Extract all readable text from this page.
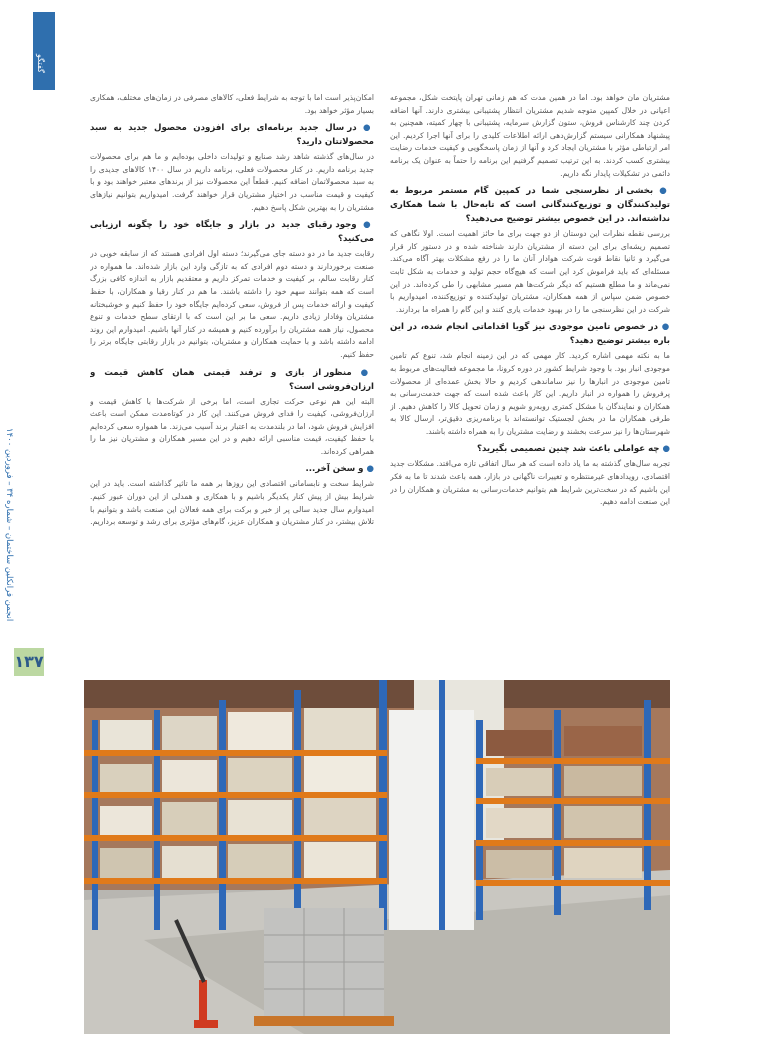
گفتگو
انجمن فرانکلین ساختمان – شماره ۳۴ – فروردین ۱۴۰۰
۱۳۷

مشتریان مان خواهد بود. اما در همین مدت که هم زمانی تهران پایتخت شکل، مجموعه اعیانی در خلال کمپین متوجه شدیم مشتریان انتظار پشتیبانی بیشتری دارند. آنها اضافه کردن چند کارشناس فروش، ستون گزارش سرمایه، پشتیبانی با چهار کمیته، همچنین به پیشنهاد همکارانی سیستم گزارش‌دهی ارائه اطلاعات کلیدی را برای آنها اجرا کردیم. این امر ارتباطی مؤثر با مشتریان ایجاد کرد و آنها از زمان پاسخگویی و کیفیت خدمات رضایت بیشتری کسب کردند. به این ترتیب تصمیم گرفتیم این برنامه را حتماً به عنوان یک برنامه دائمی در تشکیلات پایدار نگه داریم.

● بخشی از نظرسنجی شما در کمپین گام مستمر مربوط به تولیدکنندگان و توزیع‌کنندگانی است که تابه‌حال با شما همکاری نداشته‌اند. در این خصوص بیشتر توضیح می‌دهید؟

بررسی نقطه نظرات این دوستان از دو جهت برای ما حائز اهمیت است. اولا نگاهی که تصمیم ریشه‌ای برای این دسته از مشتریان دارند شناخته شده و در دستور کار قرار می‌گیرد و ثانیا نقاط قوت شرکت هوادار آنان ما را در رفع مشکلات بهتر آگاه می‌کند. مسئله‌ای که باید فراموش کرد این است که هیچ‌گاه حجم تولید و خدمات به شکل ثابت نمی‌ماند و ما مطلع هستیم که دیگر شرکت‌ها هم مسیر مشابهی را طی کرده‌اند. در این خصوص ضمن سپاس از همه همکاران، مشتریان تولیدکننده و توزیع‌کننده، امیدواریم با شرکت در این نظرسنجی ما را در بهبود خدمات یاری کنند و این گام را همراه ما بردارند.

● در خصوص تامین موجودی نیز گویا اقداماتی انجام شده، در این باره بیشتر توضیح دهید؟

ما به نکته مهمی اشاره کردید. کار مهمی که در این زمینه انجام شد، تنوع کم تامین موجودی انبار بود. با وجود شرایط کشور در دوره کرونا، ما مجموعه فعالیت‌های مربوط به تامین موجودی در انبارها را نیز ساماندهی کردیم و حالا بخش عمده‌ای از محصولات پرفروش را همواره در انبار داریم. این کار باعث شده است که جهت خدمت‌رسانی به همکاران و نمایندگان با مشکل کمتری روبه‌رو شویم و زمان تحویل کالا را کاهش دهیم. از طرفی همکاران ما در بخش لجستیک توانسته‌اند با برنامه‌ریزی دقیق‌تر، ارسال کالا به شهرستان‌ها را نیز سرعت بخشند و رضایت مشتریان را به همراه داشته باشند.

● چه عواملی باعث شد چنین تصمیمی بگیرید؟

تجربه سال‌های گذشته به ما یاد داده است که هر سال اتفاقی تازه می‌افتد. مشکلات جدید اقتصادی، رویدادهای غیرمنتظره و تغییرات ناگهانی در بازار، همه باعث شدند تا ما به فکر این باشیم که در سخت‌ترین شرایط هم بتوانیم خدمات‌رسانی به مشتریان و همکاران را در این صنعت ادامه دهیم.

امکان‌پذیر است اما با توجه به شرایط فعلی، کالاهای مصرفی در زمان‌های مختلف، همکاری بسیار مؤثر خواهد بود.

● در سال جدید برنامه‌ای برای افزودن محصول جدید به سبد محصولاتتان دارید؟

در سال‌های گذشته شاهد رشد صنایع و تولیدات داخلی بوده‌ایم و ما هم برای محصولات جدید برنامه داریم. در کنار محصولات فعلی، برنامه داریم در سال ۱۴۰۰ کالاهای جدیدی را به سبد محصولاتمان اضافه کنیم. قطعاً این محصولات نیز از برندهای معتبر خواهند بود و با کیفیت و قیمت مناسب در اختیار مشتریان قرار خواهند گرفت. امیدواریم بتوانیم نیازهای مشتریان را به بهترین شکل پاسخ دهیم.

● وجود رقبای جدید در بازار و جایگاه خود را چگونه ارزیابی می‌کنید؟

رقابت جدید ما در دو دسته جای می‌گیرند؛ دسته اول افرادی هستند که از سابقه خوبی در صنعت برخوردارند و دسته دوم افرادی که به تازگی وارد این بازار شده‌اند. ما همواره در کنار رقابت سالم، بر کیفیت و خدمات تمرکز داریم و معتقدیم بازار به اندازه کافی بزرگ است که همه بتوانند سهم خود را داشته باشند. ما هم در کنار رقبا و همکاران، با حفظ کیفیت و ارائه خدمات پس از فروش، سعی کرده‌ایم جایگاه خود را حفظ کنیم و خوشبختانه مشتریان وفادار زیادی داریم. سعی ما بر این است که با ارتقای سطح خدمات و تنوع محصول، نیاز همه مشتریان را برآورده کنیم و همیشه در کنار آنها باشیم. امیدوارم این روند ادامه داشته باشد و با حمایت همکاران و مشتریان، بتوانیم در بازار رقابتی جایگاه برتر را حفظ کنیم.

● منظور از بازی و ترفند قیمتی همان کاهش قیمت و ارزان‌فروشی است؟

البته این هم نوعی حرکت تجاری است، اما برخی از شرکت‌ها با کاهش قیمت و ارزان‌فروشی، کیفیت را فدای فروش می‌کنند. این کار در کوتاه‌مدت ممکن است باعث افزایش فروش شود، اما در بلندمدت به اعتبار برند آسیب می‌زند. ما همواره سعی کرده‌ایم با حفظ کیفیت، قیمت مناسبی ارائه دهیم و در این مسیر همکاران و مشتریان نیز ما را همراهی کرده‌اند.

● و سخن آخر...

شرایط سخت و نابسامانی اقتصادی این روزها بر همه ما تاثیر گذاشته است. باید در این شرایط بیش از پیش کنار یکدیگر باشیم و با همکاری و همدلی از این دوران عبور کنیم. امیدوارم سال جدید سالی پر از خیر و برکت برای همه فعالان این صنعت باشد و بتوانیم با تلاش بیشتر، در کنار مشتریان و همکاران عزیز، گام‌های مؤثری برای رشد و توسعه برداریم.
